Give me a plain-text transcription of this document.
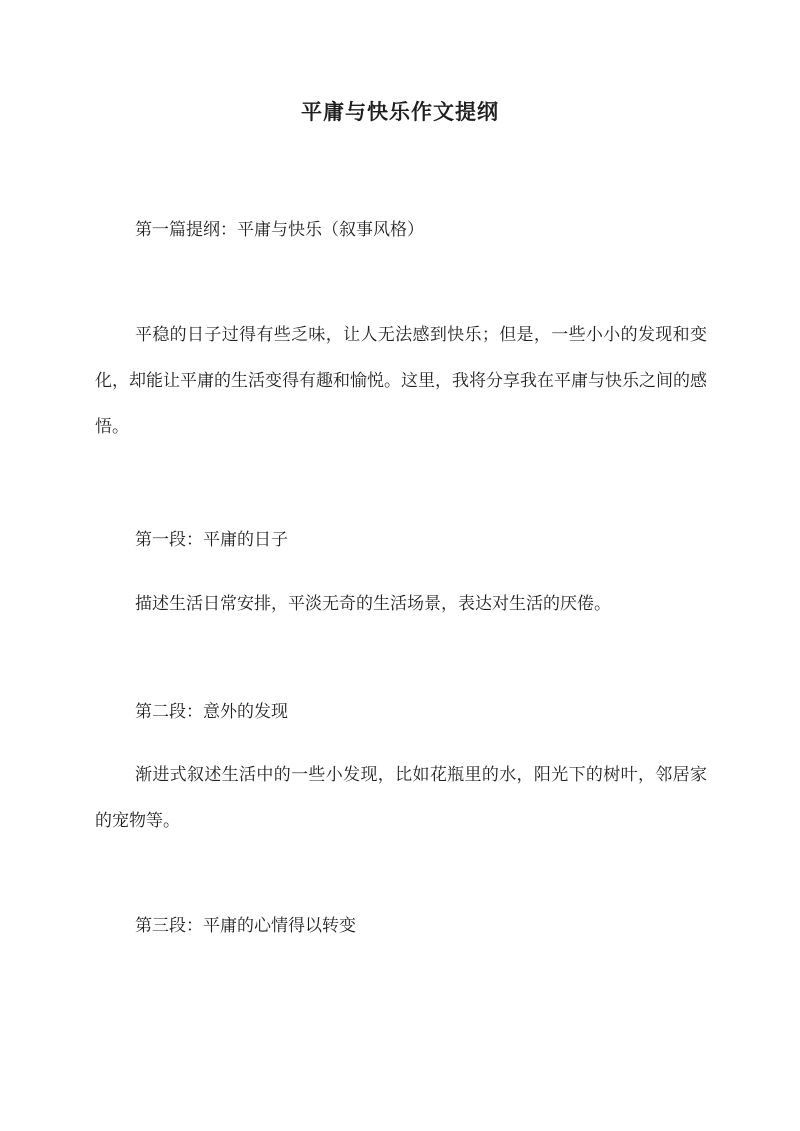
平庸与快乐作文提纲

第一篇提纲：平庸与快乐（叙事风格）

平稳的日子过得有些乏味，让人无法感到快乐；但是，一些小小的发现和变化，却能让平庸的生活变得有趣和愉悦。这里，我将分享我在平庸与快乐之间的感悟。

第一段：平庸的日子

描述生活日常安排，平淡无奇的生活场景，表达对生活的厌倦。

第二段：意外的发现

渐进式叙述生活中的一些小发现，比如花瓶里的水，阳光下的树叶，邻居家的宠物等。

第三段：平庸的心情得以转变
